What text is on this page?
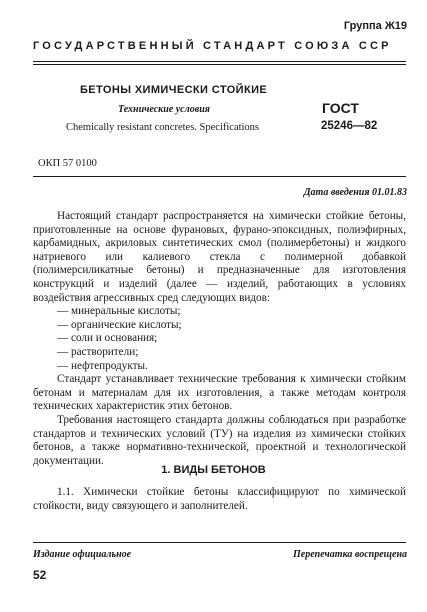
Группа Ж19
ГОСУДАРСТВЕННЫЙ СТАНДАРТ СОЮЗА ССР
БЕТОНЫ ХИМИЧЕСКИ СТОЙКИЕ
Технические условия
Chemically resistant concretes. Specifications
ГОСТ
25246—82
ОКП 57 0100
Дата введения 01.01.83

Настоящий стандарт распространяется на химически стойкие бетоны, приготовленные на основе фурановых, фурано-эпоксидных, полиэфирных, карбамидных, акриловых синтетических смол (полимербетоны) и жидкого натриевого или калиевого стекла с полимерной добавкой (полимерсиликатные бетоны) и предназначенные для изготовления конструкций и изделий (далее — изделий, работающих в условиях воздействия агрессивных сред следующих видов:

— минеральные кислоты;
— органические кислоты;
— соли и основания;
— растворители;
— нефтепродукты.

Стандарт устанавливает технические требования к химически стойким бетонам и материалам для их изготовления, а также методам контроля технических характеристик этих бетонов.

Требования настоящего стандарта должны соблюдаться при разработке стандартов и технических условий (ТУ) на изделия из химически стойких бетонов, а также нормативно-технической, проектной и технологической документации.

1. ВИДЫ БЕТОНОВ

1.1. Химически стойкие бетоны классифицируют по химической стойкости, виду связующего и заполнителей.

Издание официальное	Перепечатка воспрещена
52
